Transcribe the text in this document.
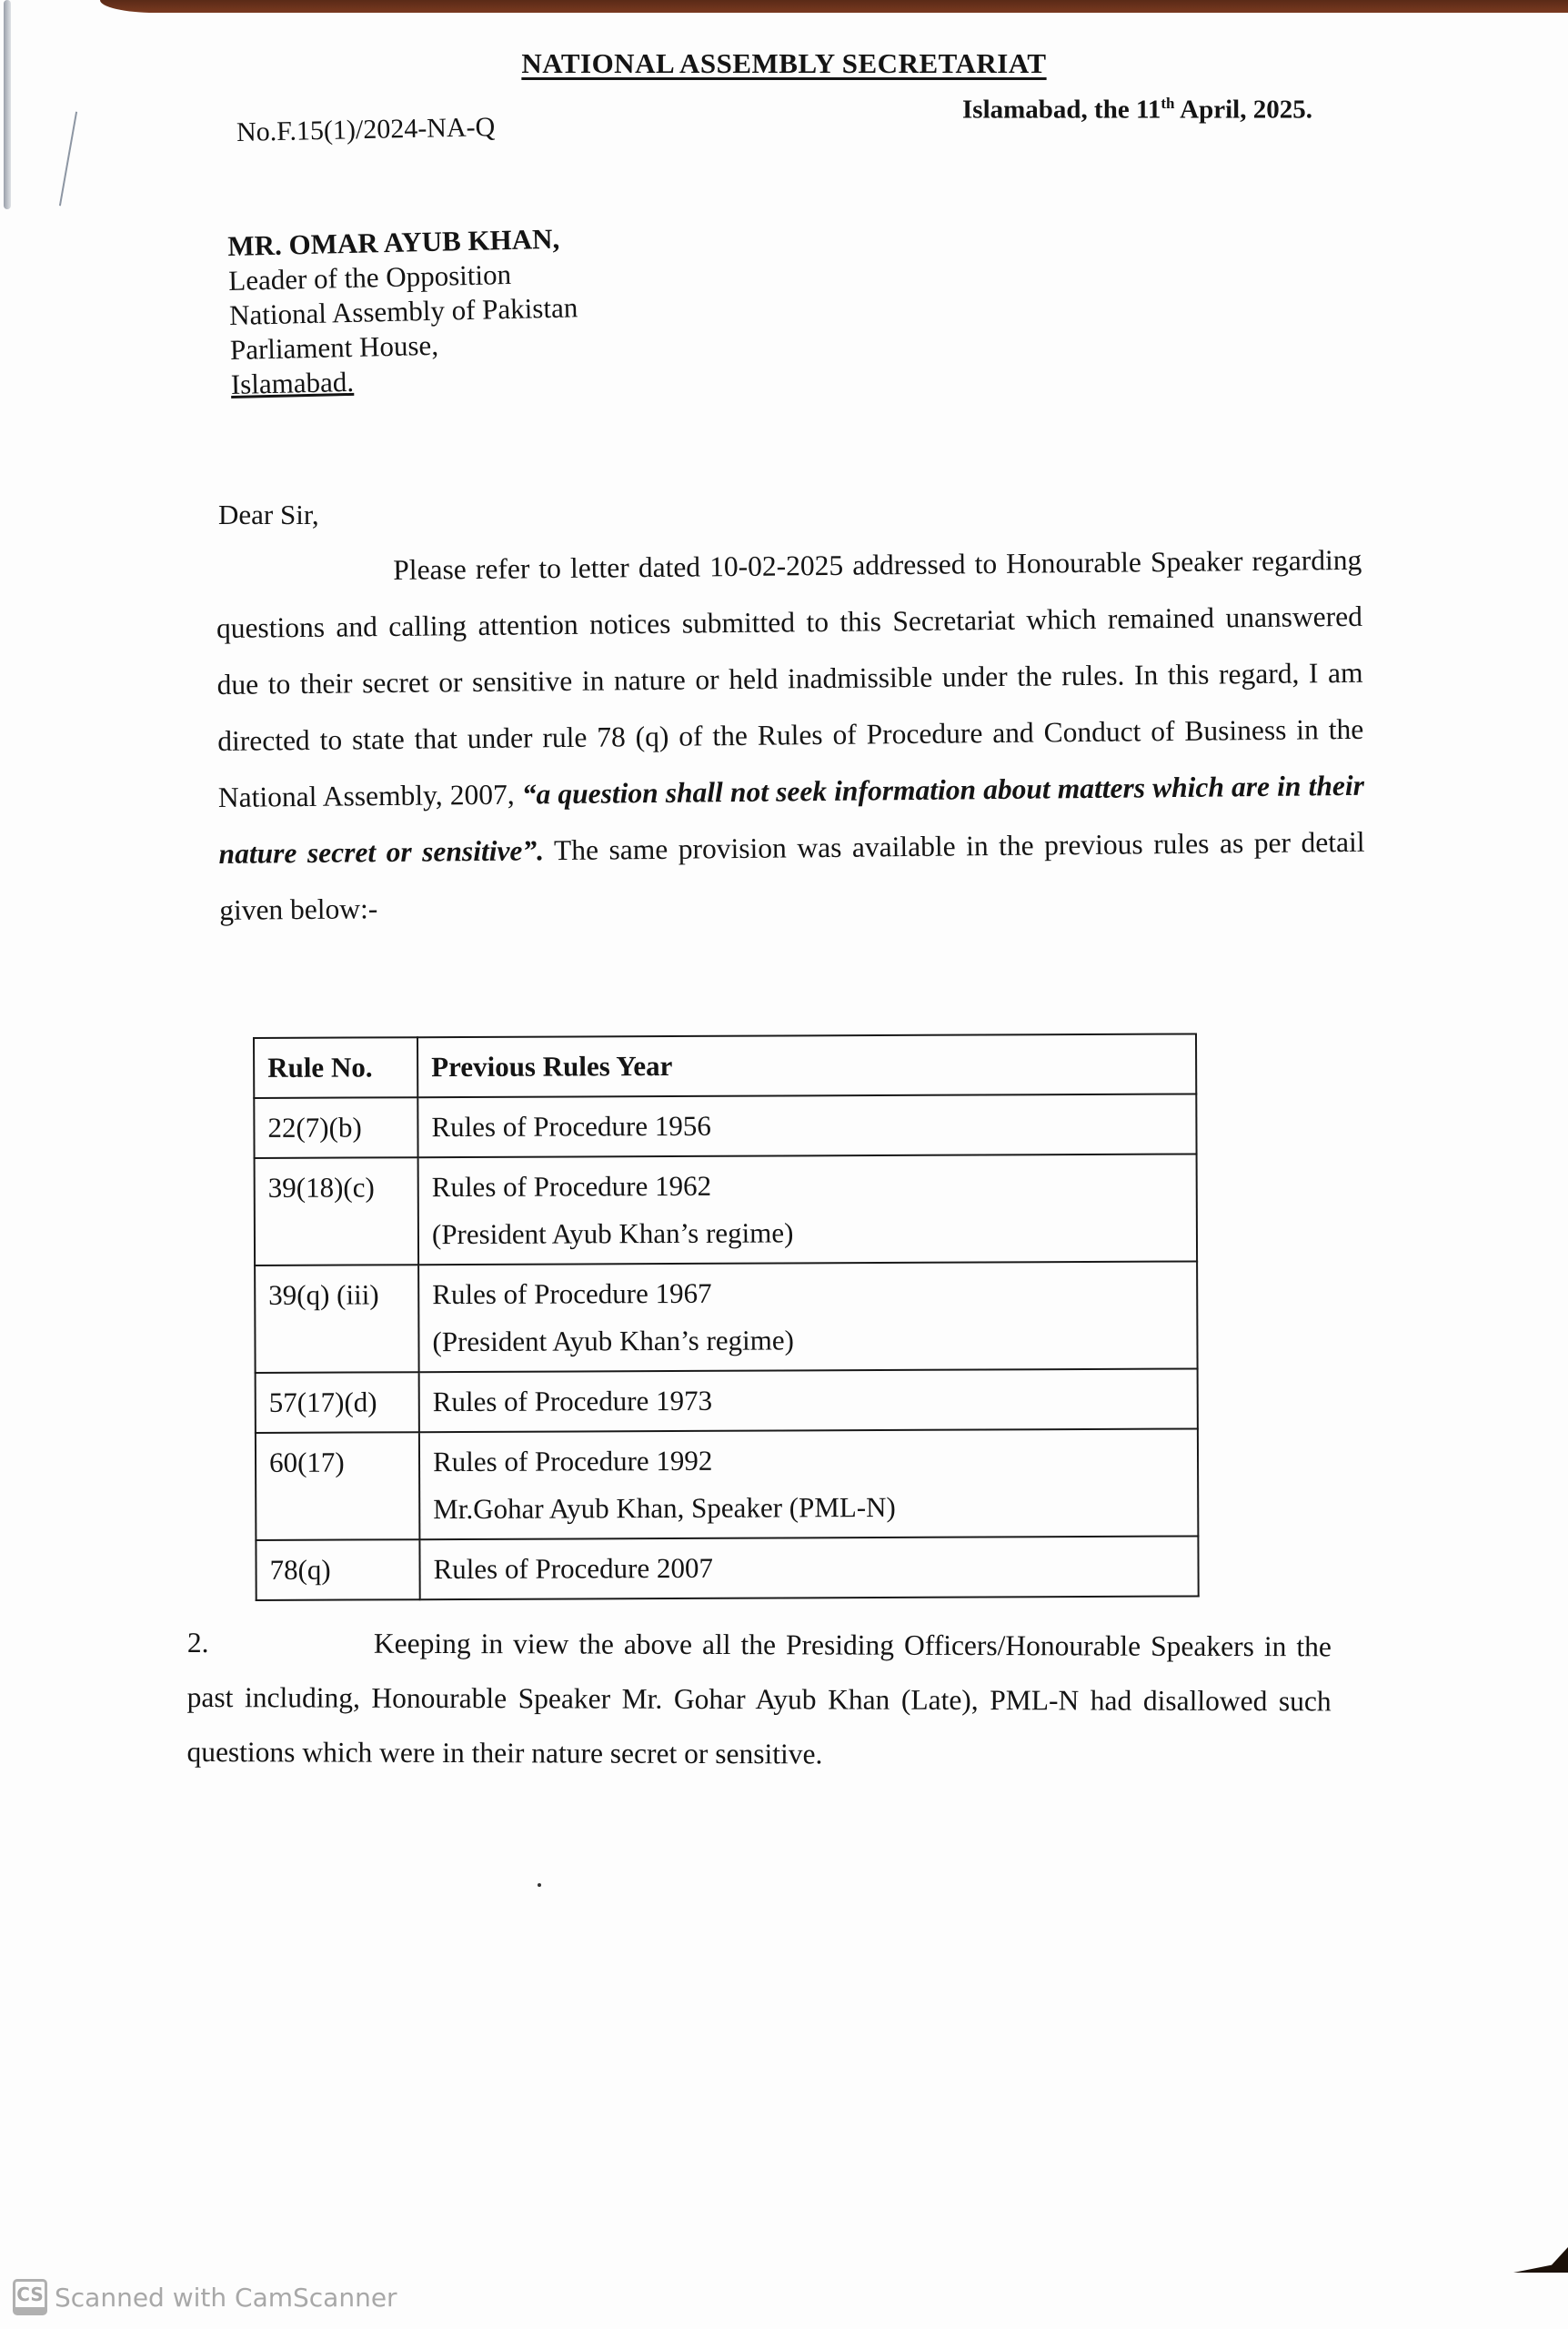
NATIONAL ASSEMBLY SECRETARIAT
No.F.15(1)/2024-NA-Q
Islamabad, the 11th April, 2025.
MR. OMAR AYUB KHAN,
Leader of the Opposition
National Assembly of Pakistan
Parliament House,
Islamabad.
Dear Sir,

Please refer to letter dated 10-02-2025 addressed to Honourable Speaker regarding questions and calling attention notices submitted to this Secretariat which remained unanswered due to their secret or sensitive in nature or held inadmissible under the rules. In this regard, I am directed to state that under rule 78 (q) of the Rules of Procedure and Conduct of Business in the National Assembly, 2007, “a question shall not seek information about matters which are in their nature secret or sensitive”. The same provision was available in the previous rules as per detail given below:-

Rule No.	Previous Rules Year
22(7)(b)	Rules of Procedure 1956

39(18)(c)	Rules of Procedure 1962
(President Ayub Khan’s regime)

39(q) (iii)	Rules of Procedure 1967
(President Ayub Khan’s regime)

57(17)(d)	Rules of Procedure 1973

60(17)	Rules of Procedure 1992
Mr.Gohar Ayub Khan, Speaker (PML-N)

78(q)	Rules of Procedure 2007

2.	Keeping in view the above all the Presiding Officers/Honourable Speakers in the past including, Honourable Speaker Mr. Gohar Ayub Khan (Late), PML-N had disallowed such questions which were in their nature secret or sensitive.

CS Scanned with CamScanner
